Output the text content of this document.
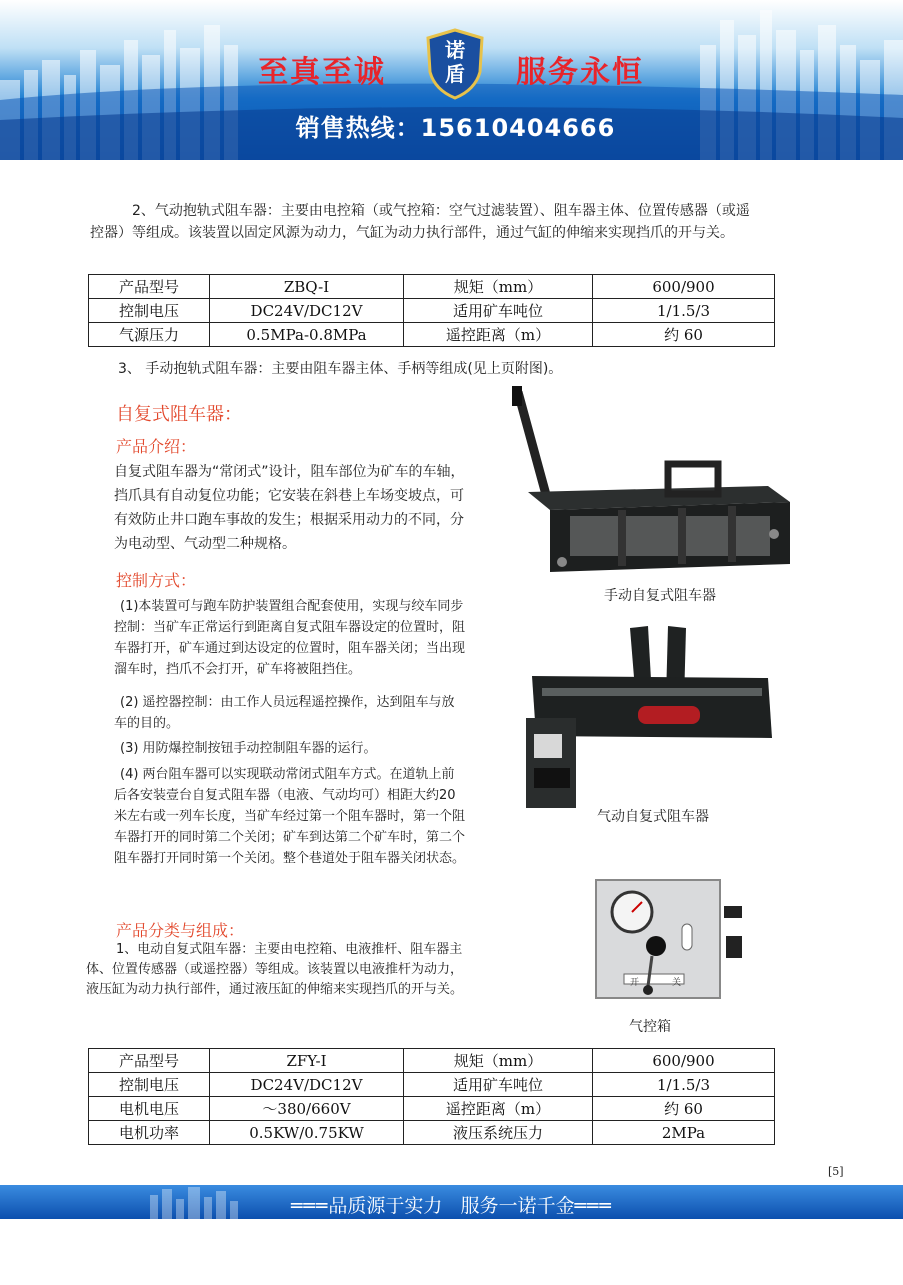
至真至诚
诺
盾	服务永恒
销售热线：15610404666
2、气动抱轨式阻车器：主要由电控箱（或气控箱：空气过滤装置）、阻车器主体、位置传感器（或遥控器）等组成。该装置以固定风源为动力，气缸为动力执行部件，通过气缸的伸缩来实现挡爪的开与关。
产品型号	ZBQ-I	规矩（mm）	600/900
控制电压	DC24V/DC12V	适用矿车吨位	1/1.5/3
气源压力	0.5MPa-0.8MPa	遥控距离（m）	约 60
3、 手动抱轨式阻车器：主要由阻车器主体、手柄等组成(见上页附图)。
自复式阻车器：
产品介绍：
自复式阻车器为“常闭式”设计，阻车部位为矿车的车轴，挡爪具有自动复位功能；它安装在斜巷上车场变坡点，可有效防止井口跑车事故的发生；根据采用动力的不同，分为电动型、气动型二种规格。
控制方式：
(1)本装置可与跑车防护装置组合配套使用，实现与绞车同步控制：当矿车正常运行到距离自复式阻车器设定的位置时，阻车器打开，矿车通过到达设定的位置时，阻车器关闭；当出现溜车时，挡爪不会打开，矿车将被阻挡住。
(2) 遥控器控制：由工作人员远程遥控操作，达到阻车与放车的目的。
(3) 用防爆控制按钮手动控制阻车器的运行。
(4) 两台阻车器可以实现联动常闭式阻车方式。在道轨上前后各安装壹台自复式阻车器（电液、气动均可）相距大约20米左右或一列车长度，当矿车经过第一个阻车器时，第一个阻车器打开的同时第二个关闭；矿车到达第二个矿车时，第二个阻车器打开同时第一个关闭。整个巷道处于阻车器关闭状态。
产品分类与组成：
1、电动自复式阻车器：主要由电控箱、电液推杆、阻车器主体、位置传感器（或遥控器）等组成。该装置以电液推杆为动力，液压缸为动力执行部件，通过液压缸的伸缩来实现挡爪的开与关。
手动自复式阻车器
气动自复式阻车器
开	关
气控箱
产品型号	ZFY-I	规矩（mm）	600/900
控制电压	DC24V/DC12V	适用矿车吨位	1/1.5/3
电机电压	～380/660V	遥控距离（m）	约 60
电机功率	0.5KW/0.75KW	液压系统压力	2MPa
[5]
═══品质源于实力 服务一诺千金═══
